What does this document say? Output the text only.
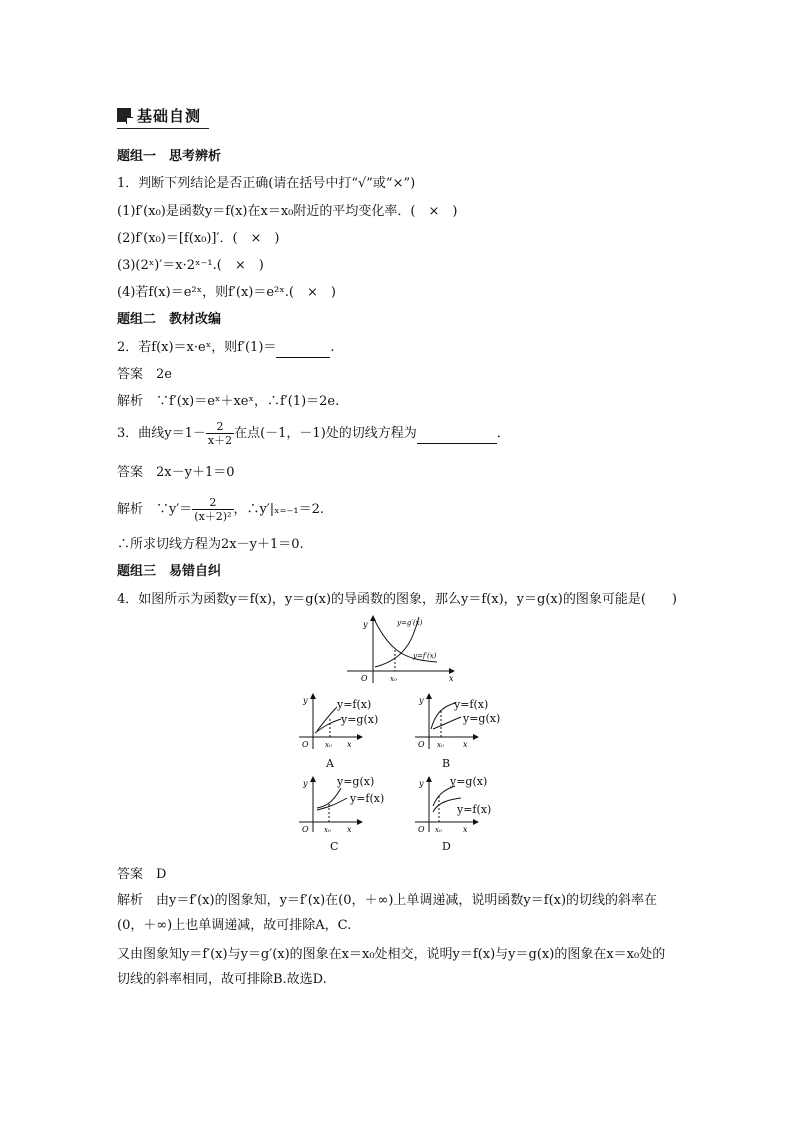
基础自测
题组一　思考辨析
1．判断下列结论是否正确(请在括号中打“√”或“×”)
(1)f′(x₀)是函数y＝f(x)在x＝x₀附近的平均变化率．(　×　)
(2)f′(x₀)＝[f(x₀)]′．(　×　)
(3)(2ˣ)′＝x·2ˣ⁻¹.(　×　)
(4)若f(x)＝e²ˣ，则f′(x)＝e²ˣ.(　×　)
题组二　教材改编
2．若f(x)＝x·eˣ，则f′(1)＝	.
答案　2e
解析　∵f′(x)＝eˣ＋xeˣ，∴f′(1)＝2e.
3．曲线$y=1- \frac{2}{x+2}$ 在点(－1，－1)处的切线方程为	．
答案　2x－y＋1＝0
解析　∵y′＝ $\frac{2}{\text{(x＋2)²}}$ ，∴y′|ₓ₌₋₁＝2.
∴所求切线方程为2x－y＋1＝0.
题组三　易错自纠
4．如图所示为函数y＝f(x)，y＝g(x)的导函数的图象，那么y＝f(x)，y＝g(x)的图象可能是(　　)
y
x
O	x₀
y=g′(x)
y=f′(x)
y
x
O x₀
y=f(x)
y=g(x)
A
y
x
O x₀
y=f(x)
y=g(x)
B
y
x
O x₀
y=g(x)
y=f(x)
C
y
x
O x₀
y=g(x)
y=f(x)
D
答案　D
解析　由y＝f′(x)的图象知，y＝f′(x)在(0，＋∞)上单调递减，说明函数y＝f(x)的切线的斜率在(0，＋∞)上也单调递减，故可排除A，C.
又由图象知y＝f′(x)与y＝g′(x)的图象在x＝x₀处相交，说明y＝f(x)与y＝g(x)的图象在x＝x₀处的切线的斜率相同，故可排除B.故选D.
